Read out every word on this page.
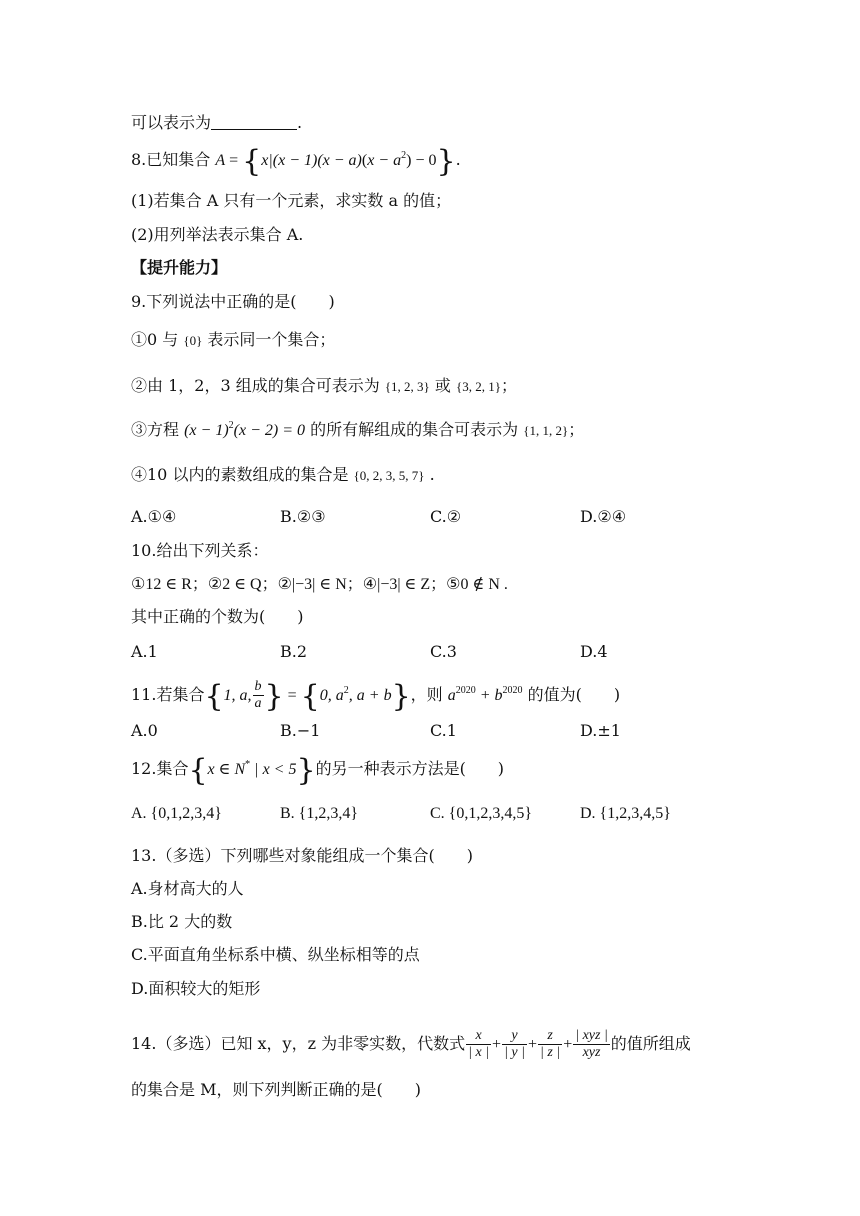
可以表示为	.
8.已知集合 $A = \{x|(x - 1)(x - a)(x - a^2) - 0\}$.
(1)若集合 A 只有一个元素，求实数 a 的值；
(2)用列举法表示集合 A.
【提升能力】
9.下列说法中正确的是(　　)
①0 与 {0} 表示同一个集合；
②由 1，2，3 组成的集合可表示为 {1, 2, 3} 或 {3, 2, 1}；
③方程 $(x - 1)^2(x - 2) = 0$ 的所有解组成的集合可表示为 {1, 1, 2}；
④10 以内的素数组成的集合是 {0, 2, 3, 5, 7} .
A.①④	B.②③	C.②	D.②④
10.给出下列关系：
①12 ∈ R；②2 ∈ Q；②|−3| ∈ N；④|−3| ∈ Z；⑤0 ∉ N .
其中正确的个数为(　　)
A.1	B.2	C.3	D.4
11.若集合{1, a, $\frac{b}{a}$ } = {0, $a^2$, a + b}，则 $a^{2020} + b^{2020}$ 的值为(　　)
A.0	B.−1	C.1	D.±1
12.集合{x ∈ N* | x < 5}的另一种表示方法是(　　)
A. {0,1,2,3,4}	B. {1,2,3,4}	C. {0,1,2,3,4,5}	D. {1,2,3,4,5}
13.（多选）下列哪些对象能组成一个集合(　　)
A.身材高大的人
B.比 2 大的数
C.平面直角坐标系中横、纵坐标相等的点
D.面积较大的矩形
14.（多选）已知 x，y，z 为非零实数，代数式 $\frac{x}{| x |} + \frac{y}{| y |} + \frac{z}{| z |} + \frac{\text{| xyz |}}{\text{xyz}}$ 的值所组成
的集合是 M，则下列判断正确的是(　　)
